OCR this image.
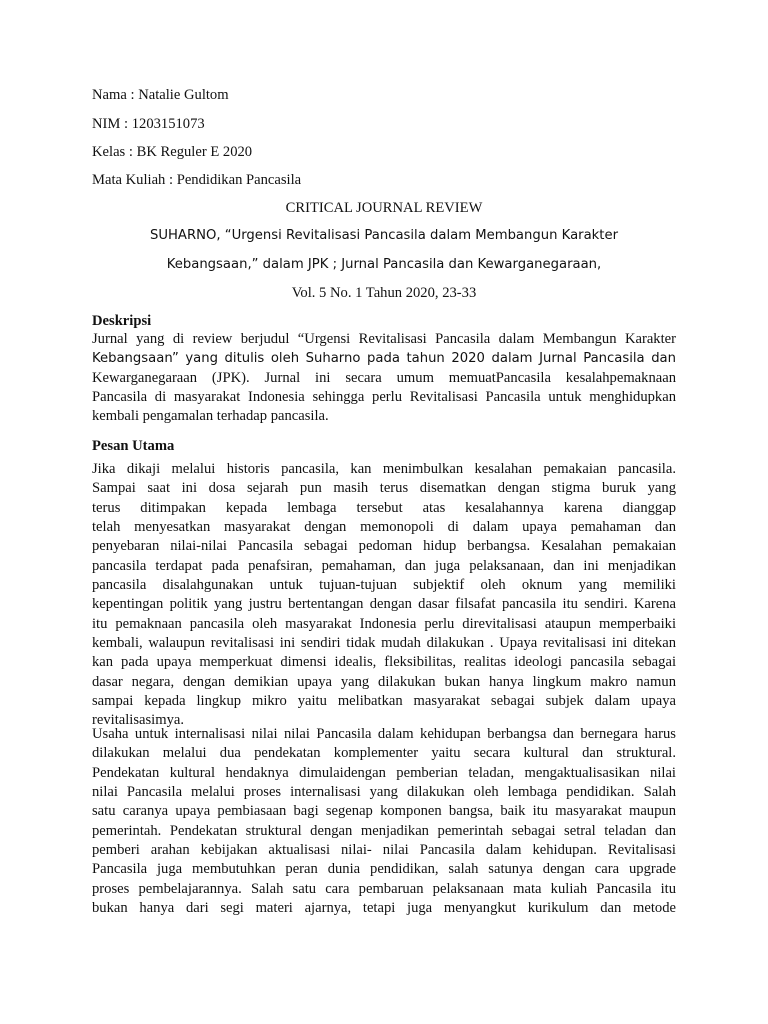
Nama : Natalie Gultom
NIM : 1203151073
Kelas : BK Reguler E 2020
Mata Kuliah : Pendidikan Pancasila
CRITICAL JOURNAL REVIEW
SUHARNO, “Urgensi Revitalisasi Pancasila dalam Membangun Karakter
Kebangsaan,” dalam JPK ; Jurnal Pancasila dan Kewarganegaraan,
Vol. 5 No. 1 Tahun 2020, 23-33
Deskripsi
Jurnal yang di review berjudul “Urgensi Revitalisasi Pancasila dalam Membangun Karakter
Kebangsaan” yang ditulis oleh Suharno pada tahun 2020 dalam Jurnal Pancasila dan
Kewarganegaraan (JPK). Jurnal ini secara umum memuatPancasila kesalahpemaknaan
Pancasila di masyarakat Indonesia sehingga perlu Revitalisasi Pancasila untuk menghidupkan
kembali pengamalan terhadap pancasila.
Pesan Utama
Jika dikaji melalui historis pancasila, kan menimbulkan kesalahan pemakaian pancasila.
Sampai saat ini dosa sejarah pun masih terus disematkan dengan stigma buruk yang
terus ditimpakan kepada lembaga tersebut atas kesalahannya karena dianggap
telah menyesatkan masyarakat dengan memonopoli di dalam upaya pemahaman dan
penyebaran nilai-nilai Pancasila sebagai pedoman hidup berbangsa. Kesalahan pemakaian
pancasila terdapat pada penafsiran, pemahaman, dan juga pelaksanaan, dan ini menjadikan
pancasila disalahgunakan untuk tujuan-tujuan subjektif oleh oknum yang memiliki
kepentingan politik yang justru bertentangan dengan dasar filsafat pancasila itu sendiri. Karena
itu pemaknaan pancasila oleh masyarakat Indonesia perlu direvitalisasi ataupun memperbaiki
kembali, walaupun revitalisasi ini sendiri tidak mudah dilakukan . Upaya revitalisasi ini ditekan
kan pada upaya memperkuat dimensi idealis, fleksibilitas, realitas ideologi pancasila sebagai
dasar negara, dengan demikian upaya yang dilakukan bukan hanya lingkum makro namun
sampai kepada lingkup mikro yaitu melibatkan masyarakat sebagai subjek dalam upaya
revitalisasimya.
Usaha untuk internalisasi nilai nilai Pancasila dalam kehidupan berbangsa dan bernegara harus
dilakukan melalui dua pendekatan komplementer yaitu secara kultural dan struktural.
Pendekatan kultural hendaknya dimulaidengan pemberian teladan, mengaktualisasikan nilai
nilai Pancasila melalui proses internalisasi yang dilakukan oleh lembaga pendidikan. Salah
satu caranya upaya pembiasaan bagi segenap komponen bangsa, baik itu masyarakat maupun
pemerintah. Pendekatan struktural dengan menjadikan pemerintah sebagai setral teladan dan
pemberi arahan kebijakan aktualisasi nilai- nilai Pancasila dalam kehidupan. Revitalisasi
Pancasila juga membutuhkan peran dunia pendidikan, salah satunya dengan cara upgrade
proses pembelajarannya. Salah satu cara pembaruan pelaksanaan mata kuliah Pancasila itu
bukan hanya dari segi materi ajarnya, tetapi juga menyangkut kurikulum dan metode
